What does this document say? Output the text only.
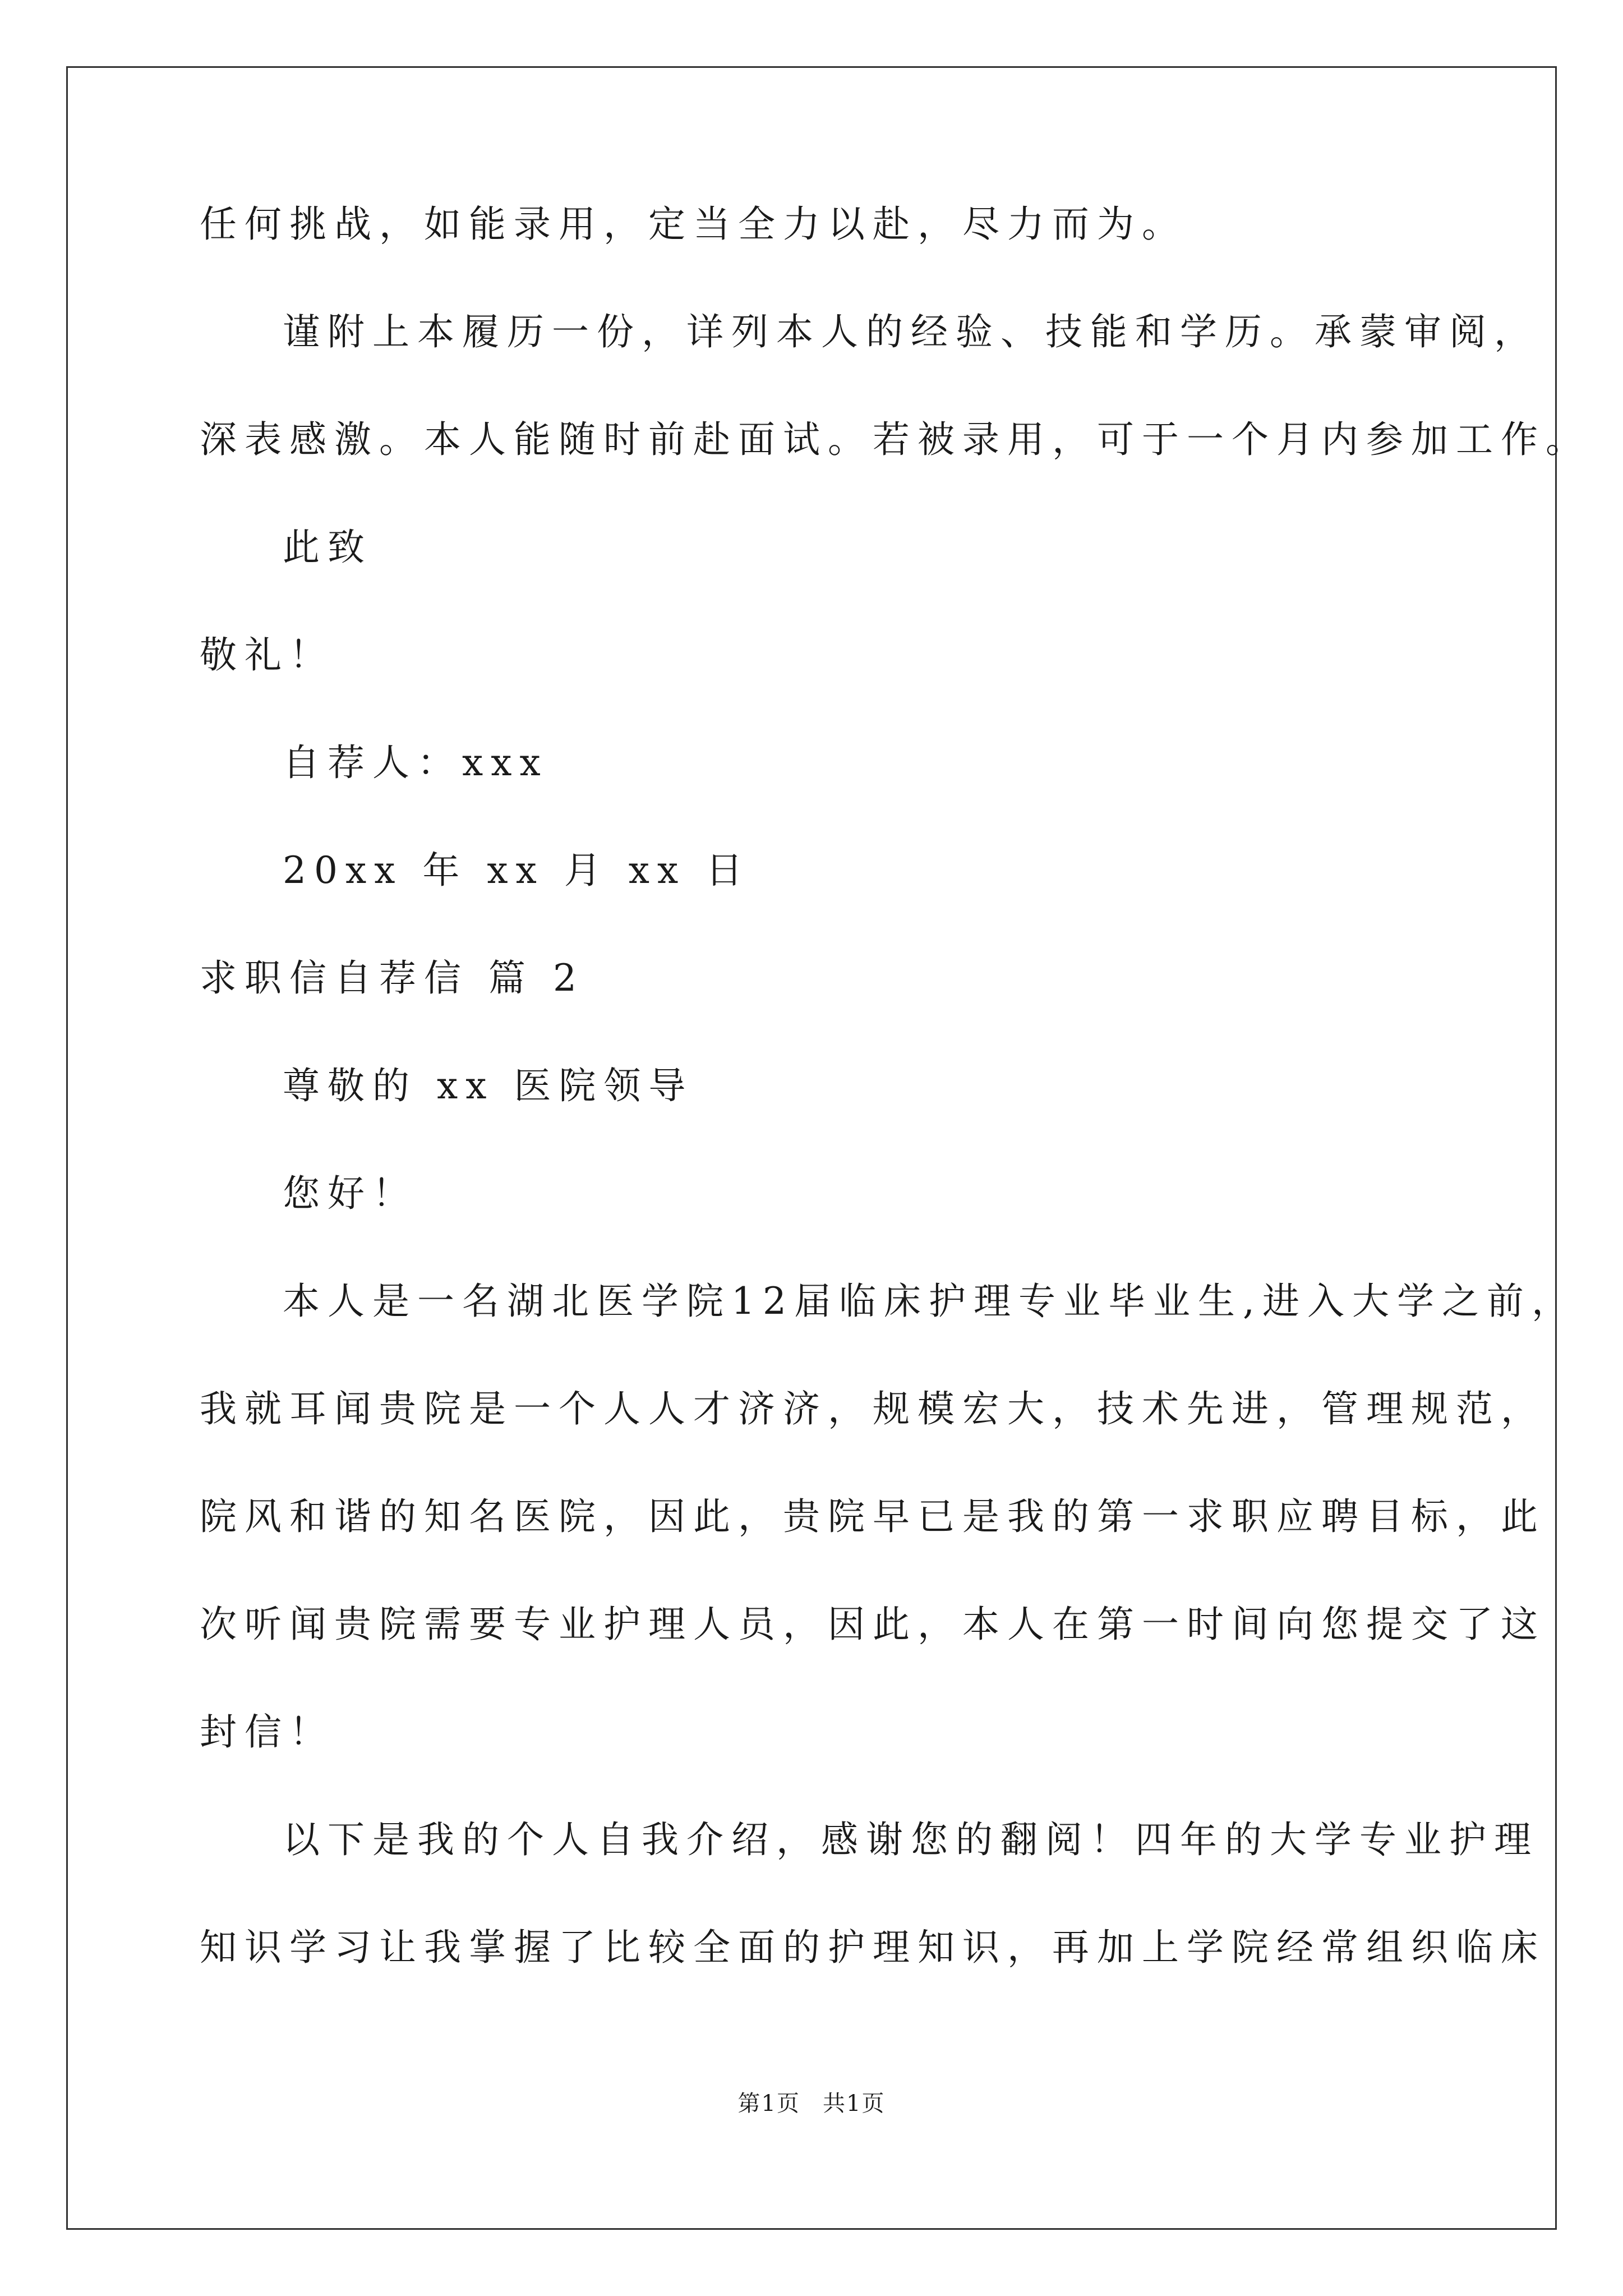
任何挑战，如能录用，定当全力以赴，尽力而为。
谨附上本履历一份，详列本人的经验、技能和学历。承蒙审阅，
深表感激。本人能随时前赴面试。若被录用，可于一个月内参加工作。
此致
敬礼！
自荐人：xxx
20xx 年 xx 月 xx 日
求职信自荐信 篇 2
尊敬的 xx 医院领导
您好！
本人是一名湖北医学院12届临床护理专业毕业生,进入大学之前，
我就耳闻贵院是一个人人才济济，规模宏大，技术先进，管理规范，
院风和谐的知名医院，因此，贵院早已是我的第一求职应聘目标，此
次听闻贵院需要专业护理人员，因此，本人在第一时间向您提交了这
封信！
以下是我的个人自我介绍，感谢您的翻阅！四年的大学专业护理
知识学习让我掌握了比较全面的护理知识，再加上学院经常组织临床
第1页 共1页
